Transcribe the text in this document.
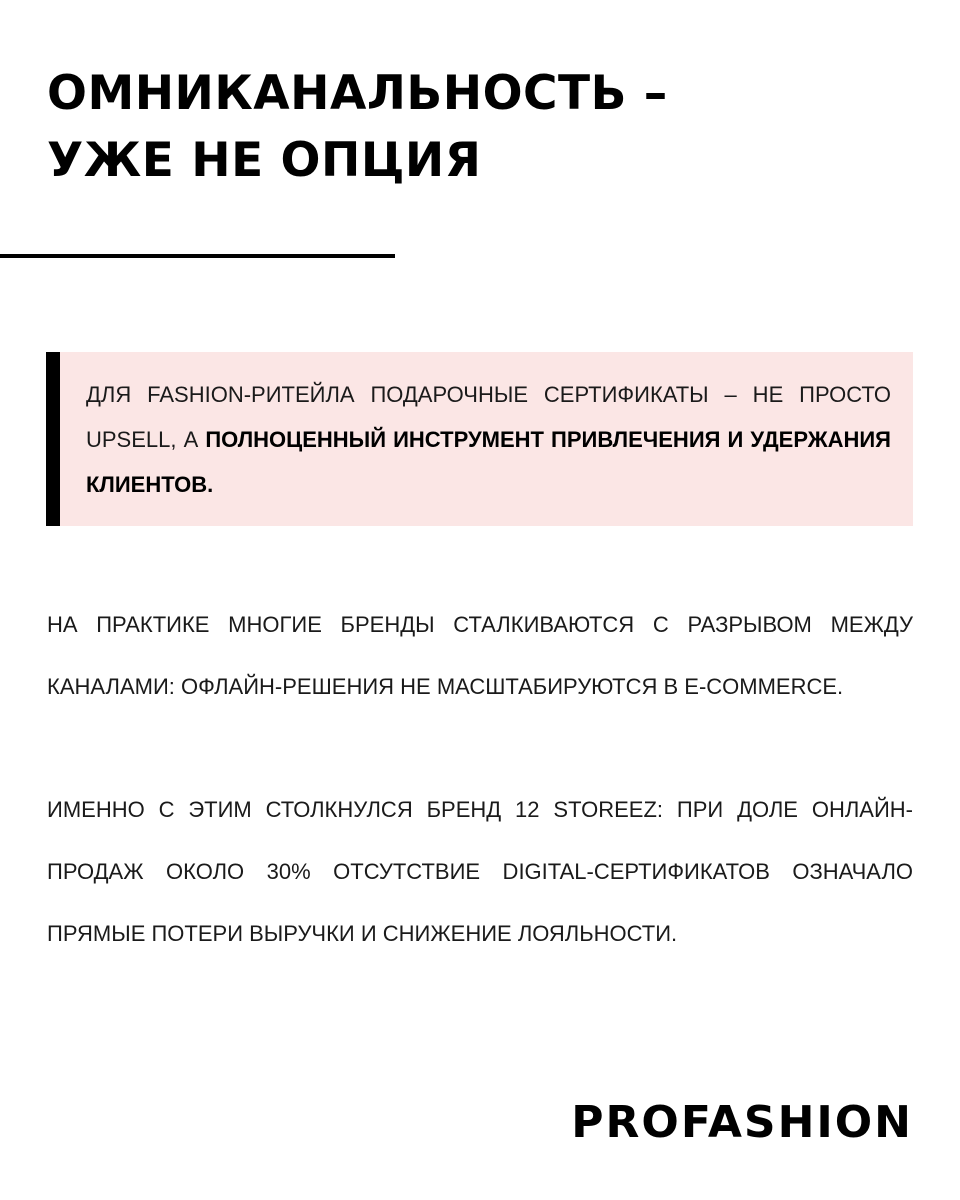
ОМНИКАНАЛЬНОСТЬ –
УЖЕ НЕ ОПЦИЯ

ДЛЯ FASHION-РИТЕЙЛА ПОДАРОЧНЫЕ СЕРТИФИКАТЫ – НЕ ПРОСТО UPSELL, А ПОЛНОЦЕННЫЙ ИНСТРУМЕНТ ПРИВЛЕЧЕНИЯ И УДЕРЖАНИЯ КЛИЕНТОВ.

НА ПРАКТИКЕ МНОГИЕ БРЕНДЫ СТАЛКИВАЮТСЯ С РАЗРЫВОМ МЕЖДУ КАНАЛАМИ: ОФЛАЙН-РЕШЕНИЯ НЕ МАСШТАБИРУЮТСЯ В E-COMMERCE.

ИМЕННО С ЭТИМ СТОЛКНУЛСЯ БРЕНД 12 STOREEZ: ПРИ ДОЛЕ ОНЛАЙН-ПРОДАЖ ОКОЛО 30% ОТСУТСТВИЕ DIGITAL-СЕРТИФИКАТОВ ОЗНАЧАЛО ПРЯМЫЕ ПОТЕРИ ВЫРУЧКИ И СНИЖЕНИЕ ЛОЯЛЬНОСТИ.

PROFASHION
